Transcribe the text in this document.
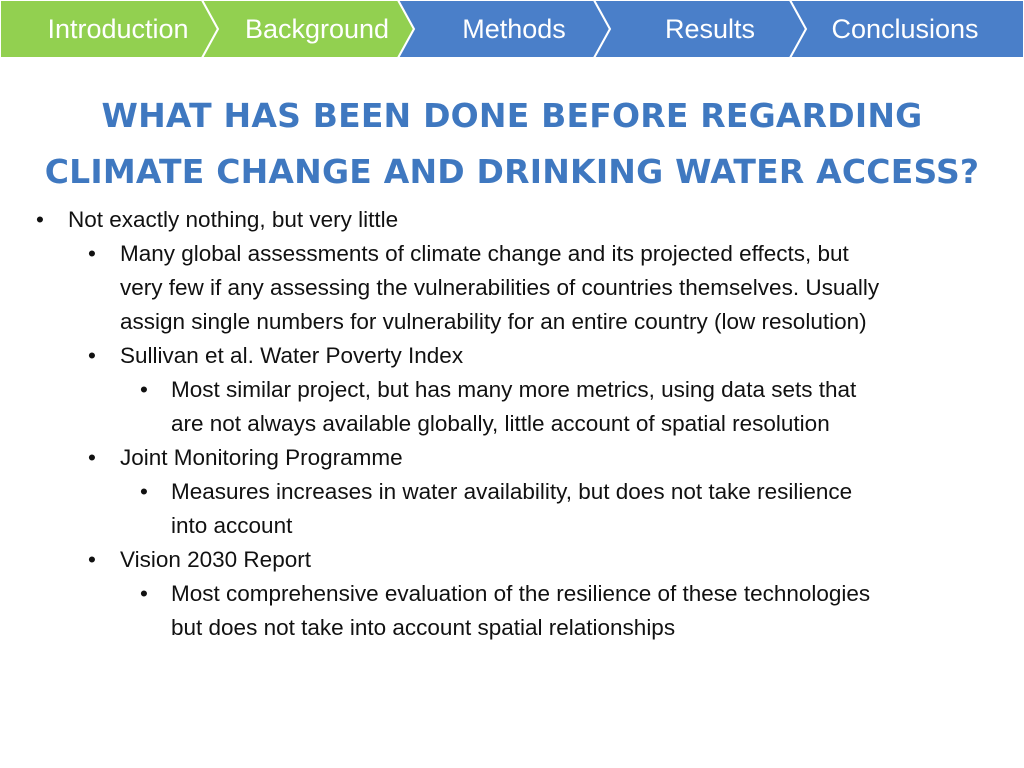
Introduction	Background	Methods	Results	Conclusions
WHAT HAS BEEN DONE BEFORE REGARDING
CLIMATE CHANGE AND DRINKING WATER ACCESS?
• Not exactly nothing, but very little
• Many global assessments of climate change and its projected effects, but
very few if any assessing the vulnerabilities of countries themselves. Usually
assign single numbers for vulnerability for an entire country (low resolution)
• Sullivan et al. Water Poverty Index
• Most similar project, but has many more metrics, using data sets that
are not always available globally, little account of spatial resolution
• Joint Monitoring Programme
• Measures increases in water availability, but does not take resilience
into account
• Vision 2030 Report
• Most comprehensive evaluation of the resilience of these technologies
but does not take into account spatial relationships
